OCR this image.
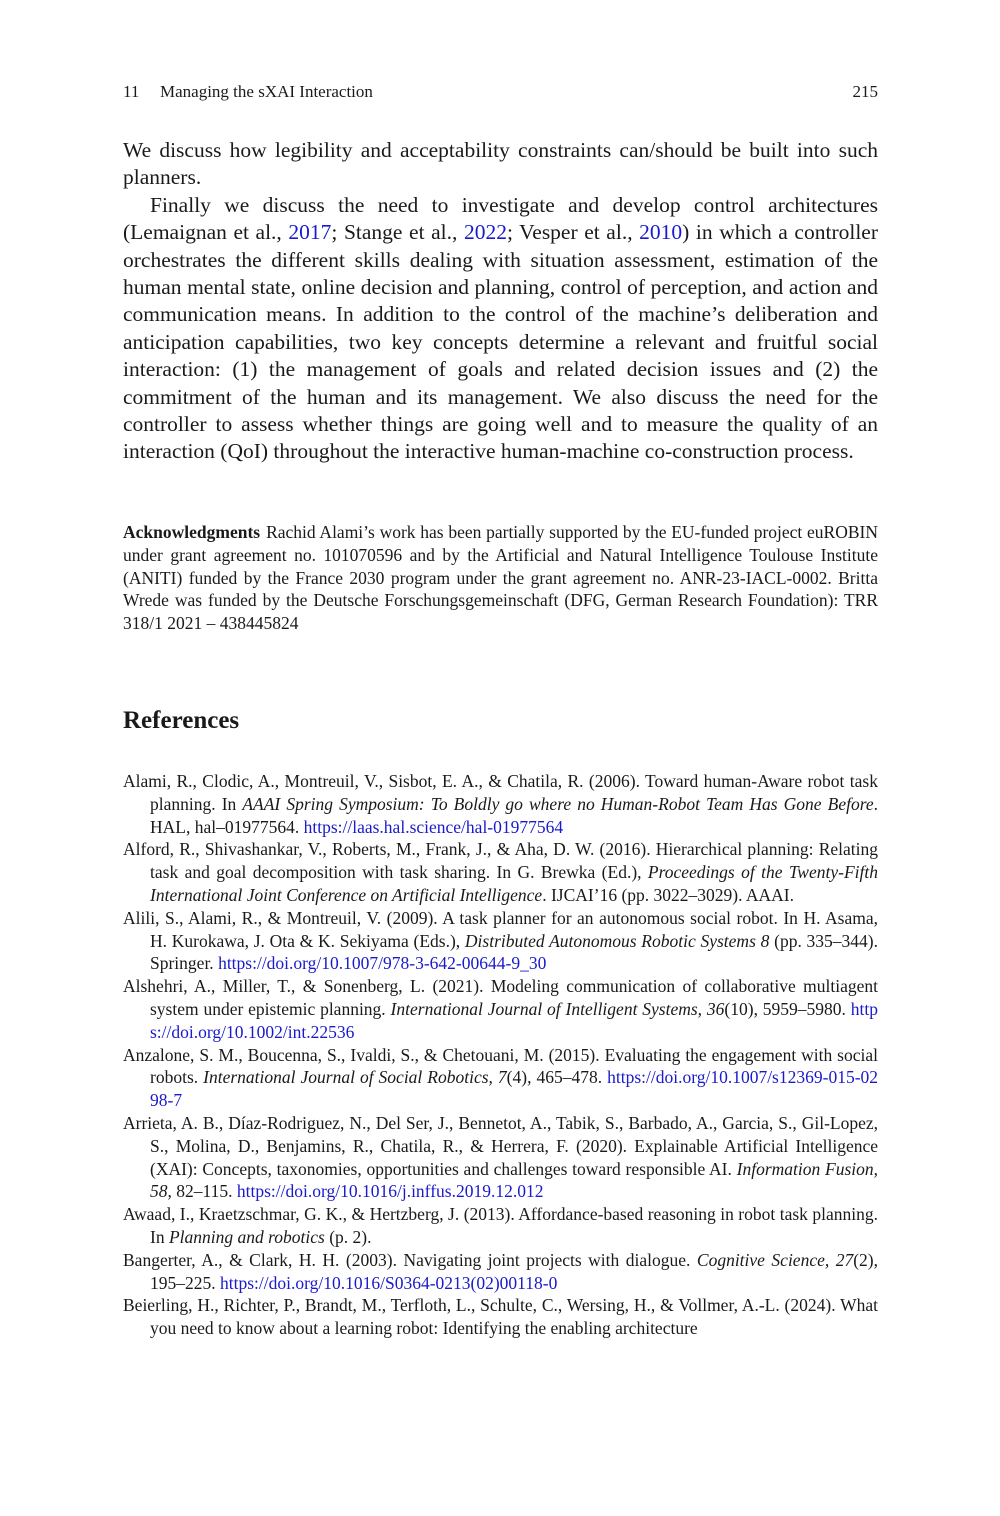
11 Managing the sXAI Interaction	215

We discuss how legibility and acceptability constraints can/should be built into such planners.

Finally we discuss the need to investigate and develop control architectures (Lemaignan et al., 2017; Stange et al., 2022; Vesper et al., 2010) in which a controller orchestrates the different skills dealing with situation assessment, estimation of the human mental state, online decision and planning, control of perception, and action and communication means. In addition to the control of the machine’s deliberation and anticipation capabilities, two key concepts determine a relevant and fruitful social interaction: (1) the management of goals and related decision issues and (2) the commitment of the human and its management. We also discuss the need for the controller to assess whether things are going well and to measure the quality of an interaction (QoI) throughout the interactive human-machine co-construction process.

Acknowledgments Rachid Alami’s work has been partially supported by the EU-funded project euROBIN under grant agreement no. 101070596 and by the Artificial and Natural Intelligence Toulouse Institute (ANITI) funded by the France 2030 program under the grant agreement no. ANR-23-IACL-0002. Britta Wrede was funded by the Deutsche Forschungsgemeinschaft (DFG, German Research Foundation): TRR 318/1 2021 – 438445824
References
Alami, R., Clodic, A., Montreuil, V., Sisbot, E. A., & Chatila, R. (2006). Toward human-Aware robot task planning. In AAAI Spring Symposium: To Boldly go where no Human-Robot Team Has Gone Before. HAL, hal–01977564. https://laas.hal.science/hal-01977564
Alford, R., Shivashankar, V., Roberts, M., Frank, J., & Aha, D. W. (2016). Hierarchical planning: Relating task and goal decomposition with task sharing. In G. Brewka (Ed.), Proceedings of the Twenty-Fifth International Joint Conference on Artificial Intelligence. IJCAI’16 (pp. 3022–3029). AAAI.
Alili, S., Alami, R., & Montreuil, V. (2009). A task planner for an autonomous social robot. In H. Asama, H. Kurokawa, J. Ota & K. Sekiyama (Eds.), Distributed Autonomous Robotic Systems 8 (pp. 335–344). Springer. https://doi.org/10.1007/978-3-642-00644-9_30
Alshehri, A., Miller, T., & Sonenberg, L. (2021). Modeling communication of collaborative multiagent system under epistemic planning. International Journal of Intelligent Systems, 36(10), 5959–5980. https://doi.org/10.1002/int.22536
Anzalone, S. M., Boucenna, S., Ivaldi, S., & Chetouani, M. (2015). Evaluating the engagement with social robots. International Journal of Social Robotics, 7(4), 465–478. https://doi.org/10.1007/s12369-015-0298-7
Arrieta, A. B., Díaz-Rodriguez, N., Del Ser, J., Bennetot, A., Tabik, S., Barbado, A., Garcia, S., Gil-Lopez, S., Molina, D., Benjamins, R., Chatila, R., & Herrera, F. (2020). Explainable Artificial Intelligence (XAI): Concepts, taxonomies, opportunities and challenges toward responsible AI. Information Fusion, 58, 82–115. https://doi.org/10.1016/j.inffus.2019.12.012
Awaad, I., Kraetzschmar, G. K., & Hertzberg, J. (2013). Affordance-based reasoning in robot task planning. In Planning and robotics (p. 2).
Bangerter, A., & Clark, H. H. (2003). Navigating joint projects with dialogue. Cognitive Science, 27(2), 195–225. https://doi.org/10.1016/S0364-0213(02)00118-0
Beierling, H., Richter, P., Brandt, M., Terfloth, L., Schulte, C., Wersing, H., & Vollmer, A.-L. (2024). What you need to know about a learning robot: Identifying the enabling architecture
